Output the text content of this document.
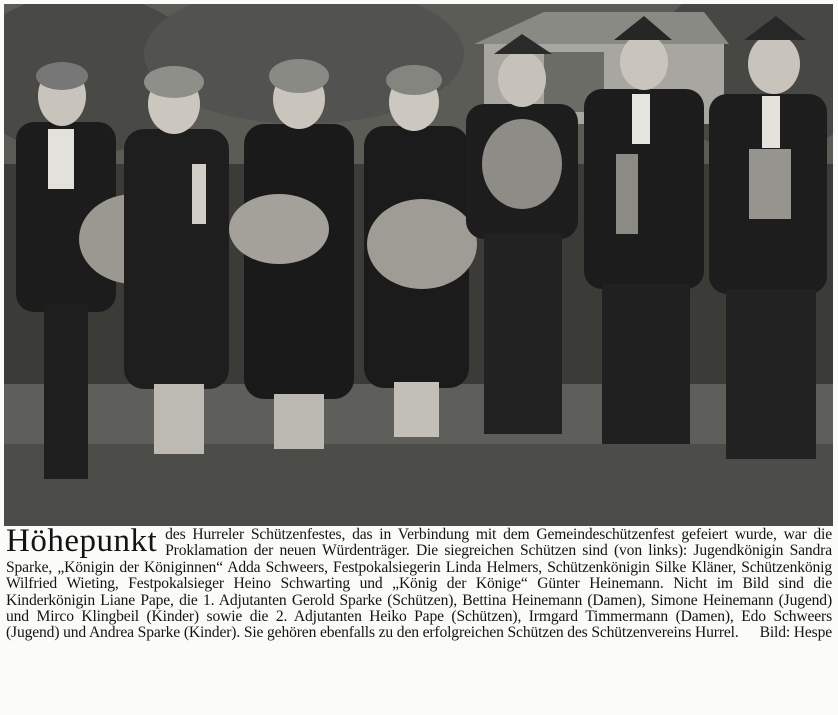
Höhepunkt des Hurreler Schützenfestes, das in Verbindung mit dem Gemeindeschützenfest gefeiert wurde, war die Proklamation der neuen Würdenträger. Die siegreichen Schützen sind (von links): Jugendkönigin Sandra Sparke, „Königin der Königinnen“ Adda Schweers, Festpokalsiegerin Linda Helmers, Schützenkönigin Silke Kläner, Schützenkönig Wilfried Wieting, Festpokalsieger Heino Schwarting und „König der Könige“ Günter Heinemann. Nicht im Bild sind die Kinderkönigin Liane Pape, die 1. Adjutanten Gerold Sparke (Schützen), Bettina Heinemann (Damen), Simone Heinemann (Jugend) und Mirco Klingbeil (Kinder) sowie die 2. Adjutanten Heiko Pape (Schützen), Irmgard Timmermann (Damen), Edo Schweers (Jugend) und Andrea Sparke (Kinder). Sie gehören ebenfalls zu den erfolgreichen Schützen des Schützenvereins Hurrel. Bild: Hespe
